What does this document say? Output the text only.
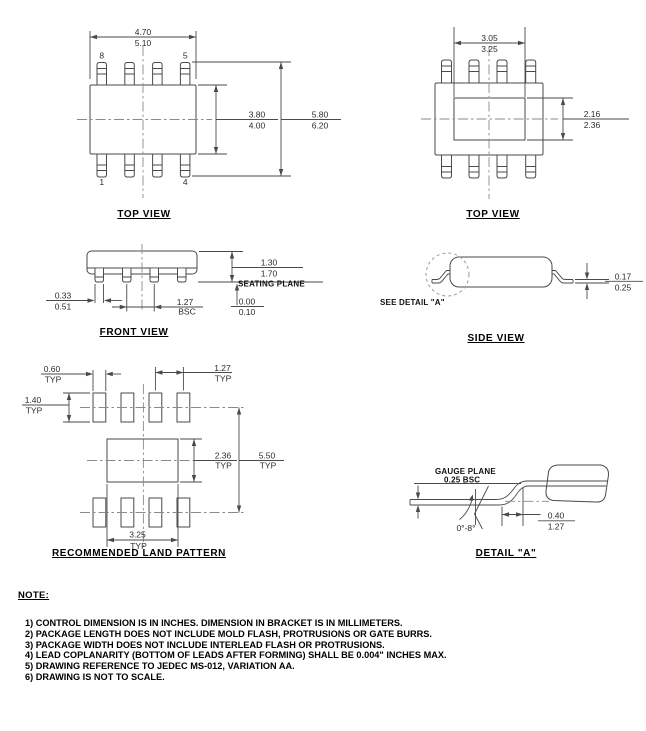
4.70
5.10
3.80
4.00
5.80
6.20
8	5
1	4
3.05
3.25
2.16
2.36
0.33
0.51	1.27
BSC
1.30
1.70
0.00
0.10
SEATING PLANE
0.17
0.25
SEE DETAIL "A"
0.60
TYP
1.27
TYP
1.40
TYP
2.36
TYP
5.50
TYP
3.25
TYP
GAUGE PLANE
0.25 BSC
0°-8°
0.40
1.27
TOP VIEW	TOP VIEW
FRONT VIEW
SIDE VIEW
RECOMMENDED LAND PATTERN	DETAIL "A"
NOTE:
1) CONTROL DIMENSION IS IN INCHES. DIMENSION IN BRACKET IS IN MILLIMETERS.
2) PACKAGE LENGTH DOES NOT INCLUDE MOLD FLASH, PROTRUSIONS OR GATE BURRS.
3) PACKAGE WIDTH DOES NOT INCLUDE INTERLEAD FLASH OR PROTRUSIONS.
4) LEAD COPLANARITY (BOTTOM OF LEADS AFTER FORMING) SHALL BE 0.004" INCHES MAX.
5) DRAWING REFERENCE TO JEDEC MS-012, VARIATION AA.
6) DRAWING IS NOT TO SCALE.
